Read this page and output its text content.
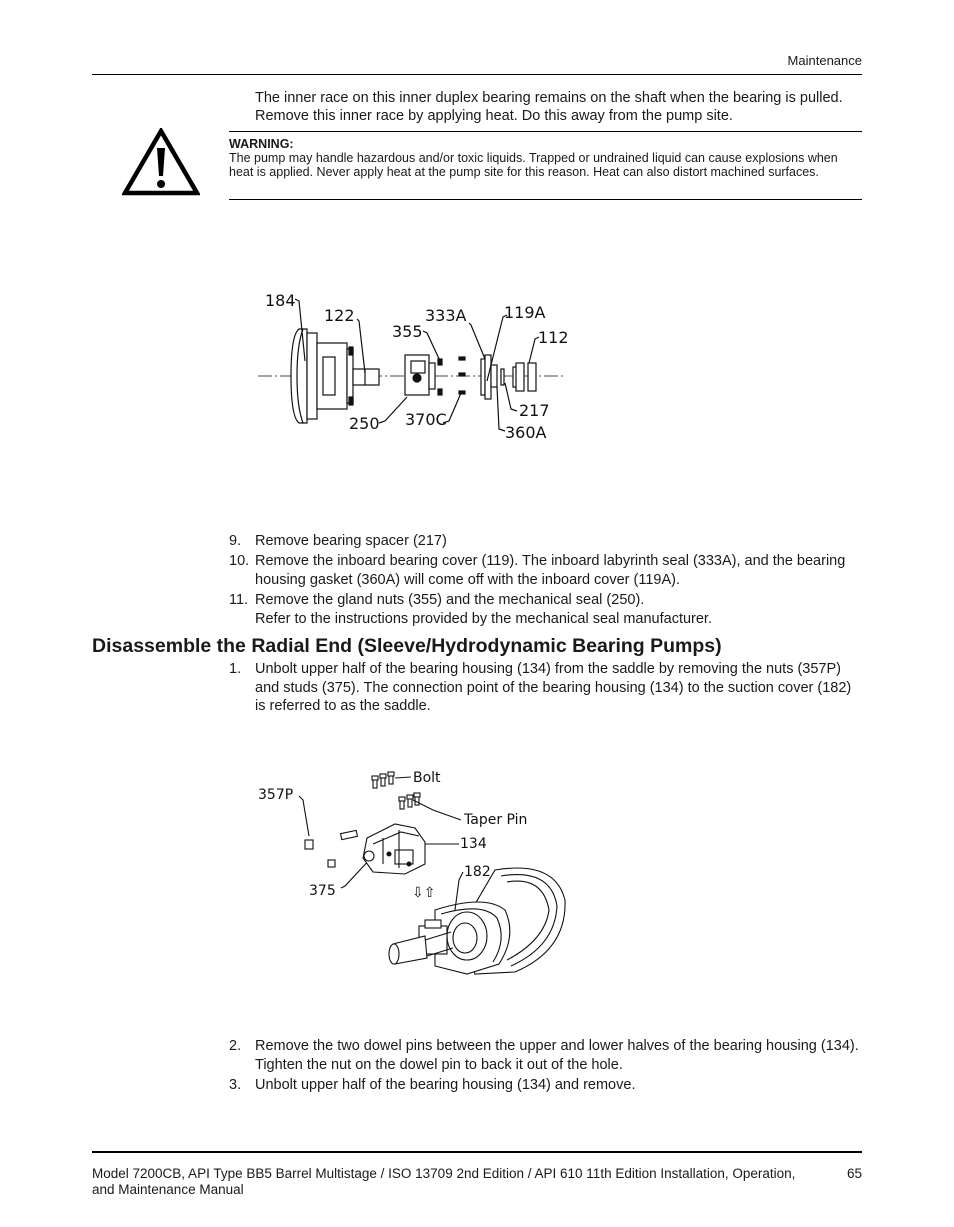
Maintenance
The inner race on this inner duplex bearing remains on the shaft when the bearing is pulled.
Remove this inner race by applying heat. Do this away from the pump site.
WARNING:
The pump may handle hazardous and/or toxic liquids. Trapped or undrained liquid can cause explosions when heat is applied. Never apply heat at the pump site for this reason. Heat can also distort machined surfaces.
184
122
355
333A 119A
112
250 370C	217
360A
9. Remove bearing spacer (217)
10. Remove the inboard bearing cover (119). The inboard labyrinth seal (333A), and the bearing housing gasket (360A) will come off with the inboard cover (119A).
11. Remove the gland nuts (355) and the mechanical seal (250).
Refer to the instructions provided by the mechanical seal manufacturer.
Disassemble the Radial End (Sleeve/Hydrodynamic Bearing Pumps)
1. Unbolt upper half of the bearing housing (134) from the saddle by removing the nuts (357P) and studs (375). The connection point of the bearing housing (134) to the suction cover (182) is referred to as the saddle.
Bolt
357P
Taper Pin
134
182
375	⇩⇧
2. Remove the two dowel pins between the upper and lower halves of the bearing housing (134). Tighten the nut on the dowel pin to back it out of the hole.
3. Unbolt upper half of the bearing housing (134) and remove.
Model 7200CB, API Type BB5 Barrel Multistage / ISO 13709 2nd Edition / API 610 11th Edition Installation, Operation, and Maintenance Manual
65
